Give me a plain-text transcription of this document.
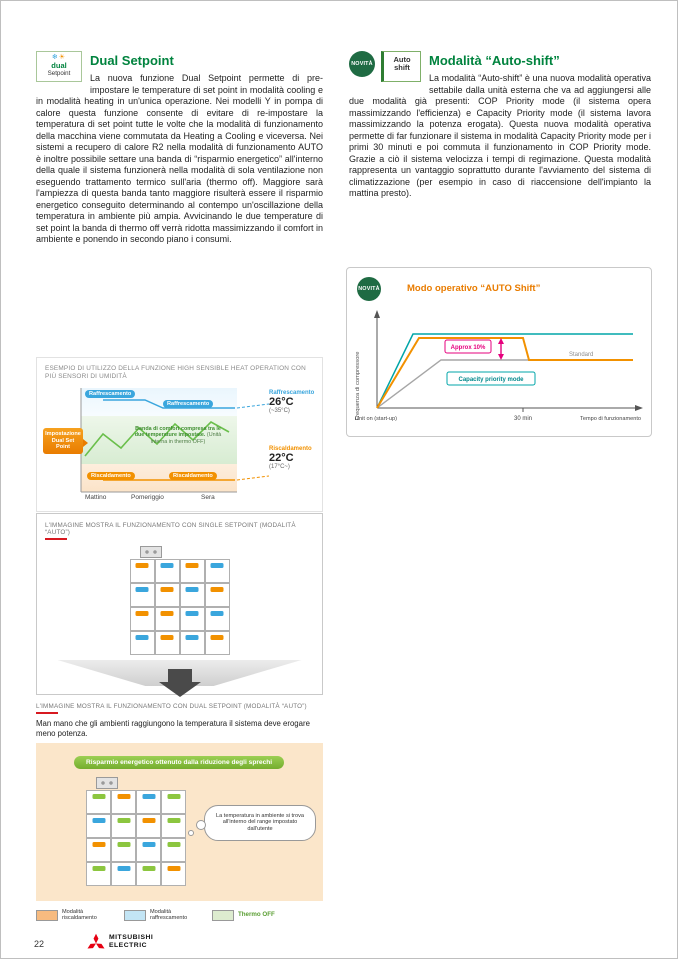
❄☀
dual
Setpoint
Dual Setpoint

La nuova funzione Dual Setpoint permette di pre-impostare le temperature di set point in modalità cooling e in modalità heating in un'unica operazione. Nei modelli Y in pompa di calore questa funzione consente di evitare di re-impostare la temperatura di set point tutte le volte che la modalità di funzionamento della macchina viene commutata da Heating a Cooling e viceversa. Nei sistemi a recupero di calore R2 nella modalità di funzionamento AUTO è inoltre possibile settare una banda di “risparmio energetico” all'interno della quale il sistema funzionerà nella modalità di sola ventilazione non eseguendo trattamento termico sull'aria (thermo off). Maggiore sarà l'ampiezza di questa banda tanto maggiore risulterà essere il risparmio energetico conseguito determinando al contempo un'oscillazione della temperatura in ambiente più ampia. Avvicinando le due temperature di set point la banda di thermo off verrà ridotta massimizzando il comfort in ambiente e ponendo in secondo piano i consumi.

ESEMPIO DI UTILIZZO DELLA FUNZIONE HIGH SENSIBLE HEAT OPERATION CON PIÙ SENSORI DI UMIDITÀ

Raffrescamento
Raffrescamento
Riscaldamento	Riscaldamento
Impostazione Dual Set Point
Banda di comfort compresa tra le due temperature impostate. (Unità interna in thermo OFF)
Raffrescamento
26°C
(~35°C)
Riscaldamento
22°C
(17°C~)
Mattino	Pomeriggio	Sera

L'IMMAGINE MOSTRA IL FUNZIONAMENTO CON SINGLE SETPOINT (MODALITÀ “AUTO”)

L'IMMAGINE MOSTRA IL FUNZIONAMENTO CON DUAL SETPOINT (MODALITÀ “AUTO”)

Man mano che gli ambienti raggiungono la temperatura il sistema deve erogare meno potenza.

Risparmio energetico ottenuto dalla riduzione degli sprechi
La temperatura in ambiente si trova all'interno del range impostato dall'utente
Modalità riscaldamento
Modalità raffrescamento
Thermo OFF
NOVITÀ	Auto
shift	Modalità “Auto-shift”

La modalità “Auto-shift” è una nuova modalità operativa settabile dalla unità esterna che va ad aggiungersi alle due modalità già presenti: COP Priority mode (il sistema opera massimizzando l'efficienza) e Capacity Priority mode (il sistema lavora massimizzando la potenza erogata). Questa nuova modalità operativa permette di far funzionare il sistema in modalità Capacity Priority mode per i primi 30 minuti e poi commuta il funzionamento in COP Priority mode. Grazie a ciò il sistema velocizza i tempi di regimazione. Questa modalità rappresenta un vantaggio soprattutto durante l'avviamento del sistema di climatizzazione (per esempio in caso di riaccensione dell'impianto la mattina presto).

NOVITÀ	Modo operativo “AUTO Shift”
Frequenza di compressore
Approx 10%
Standard
Capacity priority mode
30 min
Unit on (start-up)	Tempo di funzionamento
22
MITSUBISHI
ELECTRIC
